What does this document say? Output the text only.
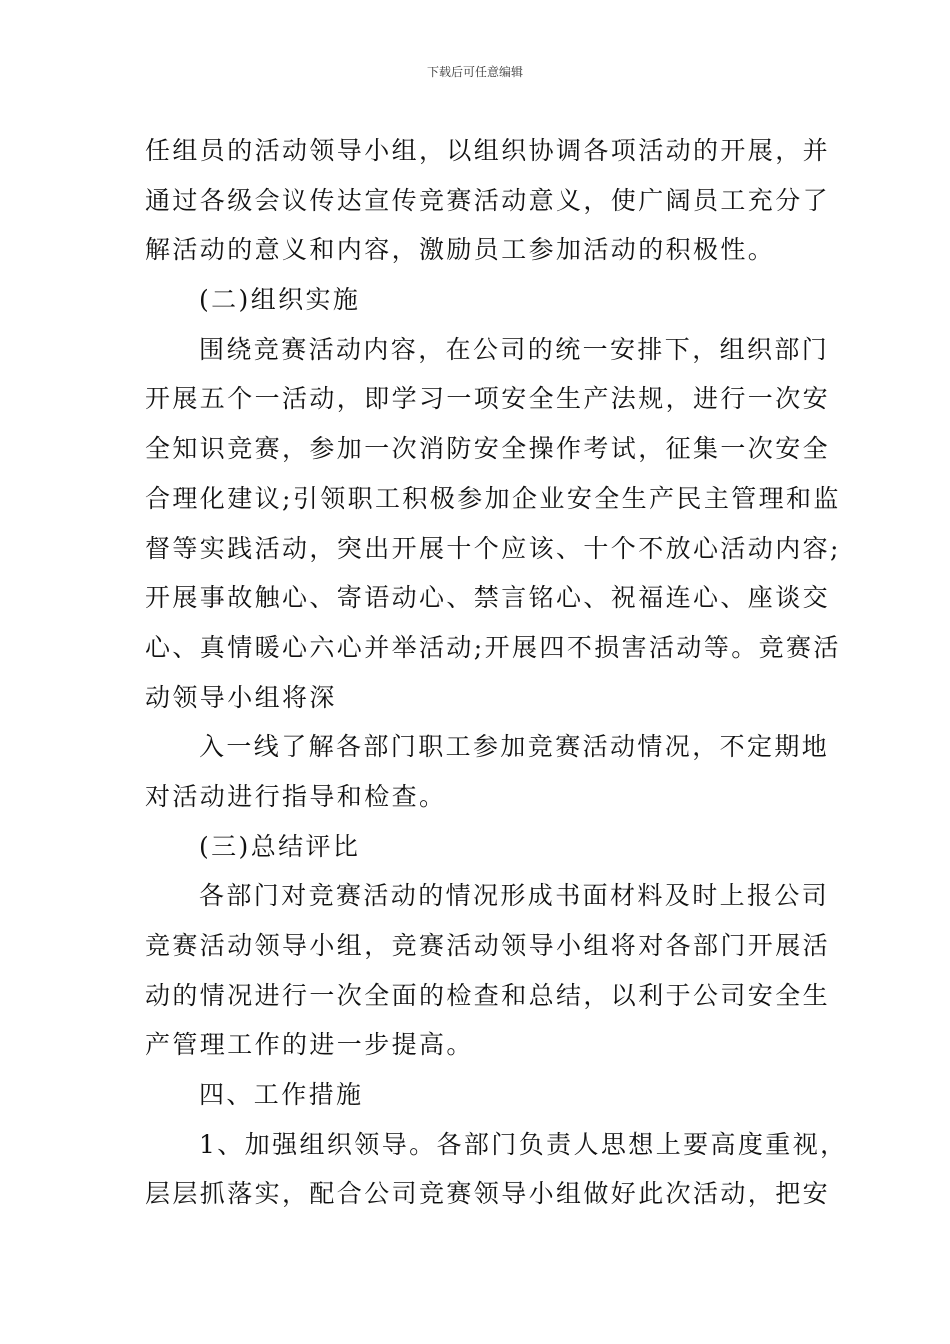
下载后可任意编辑
任组员的活动领导小组，以组织协调各项活动的开展，并
通过各级会议传达宣传竞赛活动意义，使广阔员工充分了
解活动的意义和内容，激励员工参加活动的积极性。
(二)组织实施
围绕竞赛活动内容，在公司的统一安排下，组织部门
开展五个一活动，即学习一项安全生产法规，进行一次安
全知识竞赛，参加一次消防安全操作考试，征集一次安全
合理化建议;引领职工积极参加企业安全生产民主管理和监
督等实践活动，突出开展十个应该、十个不放心活动内容;
开展事故触心、寄语动心、禁言铭心、祝福连心、座谈交
心、真情暖心六心并举活动;开展四不损害活动等。竞赛活
动领导小组将深
入一线了解各部门职工参加竞赛活动情况，不定期地
对活动进行指导和检查。
(三)总结评比
各部门对竞赛活动的情况形成书面材料及时上报公司
竞赛活动领导小组，竞赛活动领导小组将对各部门开展活
动的情况进行一次全面的检查和总结，以利于公司安全生
产管理工作的进一步提高。
四、工作措施
1、加强组织领导。各部门负责人思想上要高度重视，
层层抓落实，配合公司竞赛领导小组做好此次活动，把安
